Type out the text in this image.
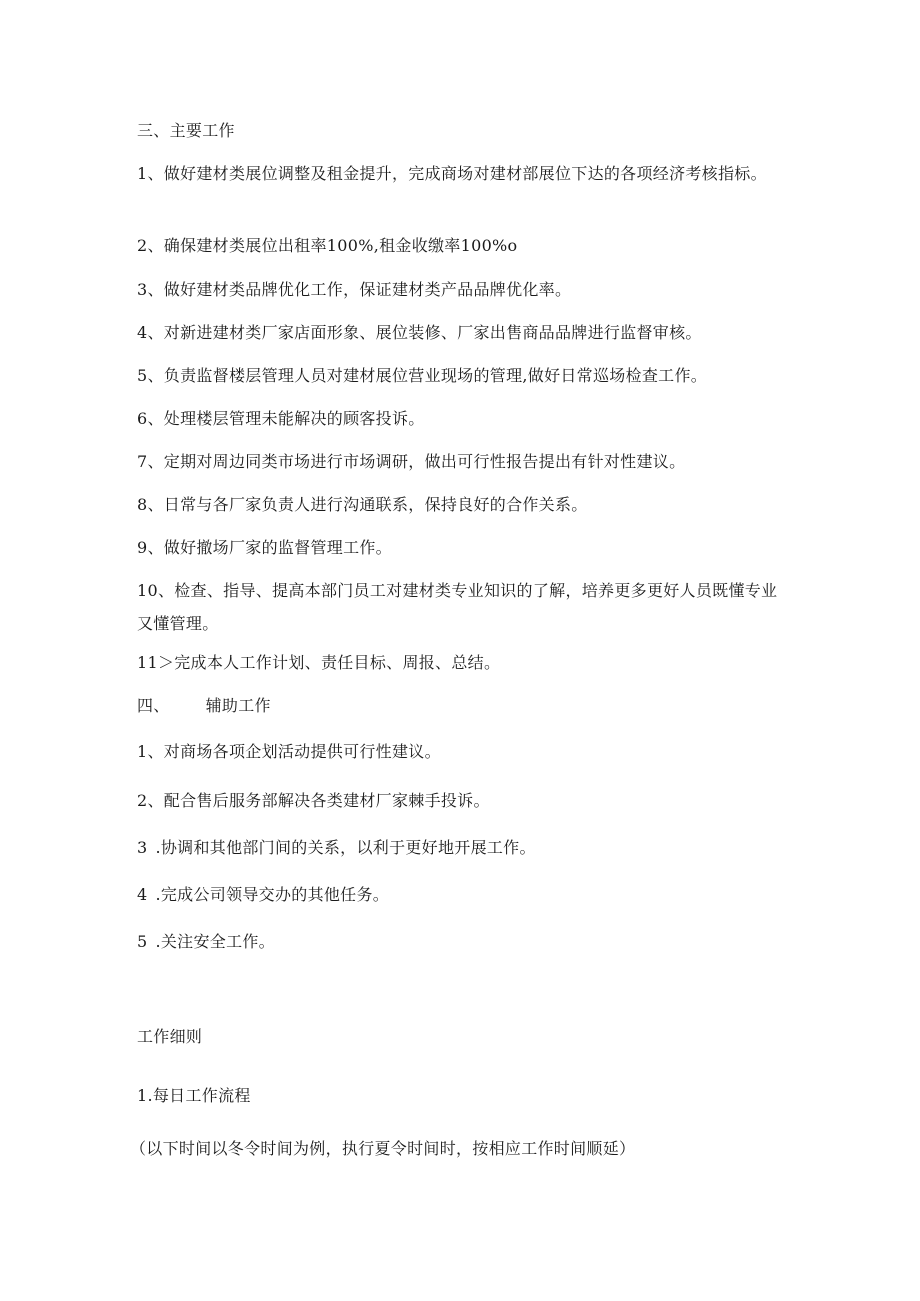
三、主要工作
1、做好建材类展位调整及租金提升，完成商场对建材部展位下达的各项经济考核指标。
2、确保建材类展位出租率100%,租金收缴率100%o
3、做好建材类品牌优化工作，保证建材类产品品牌优化率。
4、对新进建材类厂家店面形象、展位装修、厂家出售商品品牌进行监督审核。
5、负责监督楼层管理人员对建材展位营业现场的管理,做好日常巡场检查工作。
6、处理楼层管理未能解决的顾客投诉。
7、定期对周边同类市场进行市场调研，做出可行性报告提出有针对性建议。
8、日常与各厂家负责人进行沟通联系，保持良好的合作关系。
9、做好撤场厂家的监督管理工作。
10、检查、指导、提高本部门员工对建材类专业知识的了解，培养更多更好人员既懂专业又懂管理。
11＞完成本人工作计划、责任目标、周报、总结。
四、 辅助工作
1、对商场各项企划活动提供可行性建议。
2、配合售后服务部解决各类建材厂家棘手投诉。
3 .协调和其他部门间的关系，以利于更好地开展工作。
4 .完成公司领导交办的其他任务。
5 .关注安全工作。
工作细则
1.每日工作流程
（以下时间以冬令时间为例，执行夏令时间时，按相应工作时间顺延）
